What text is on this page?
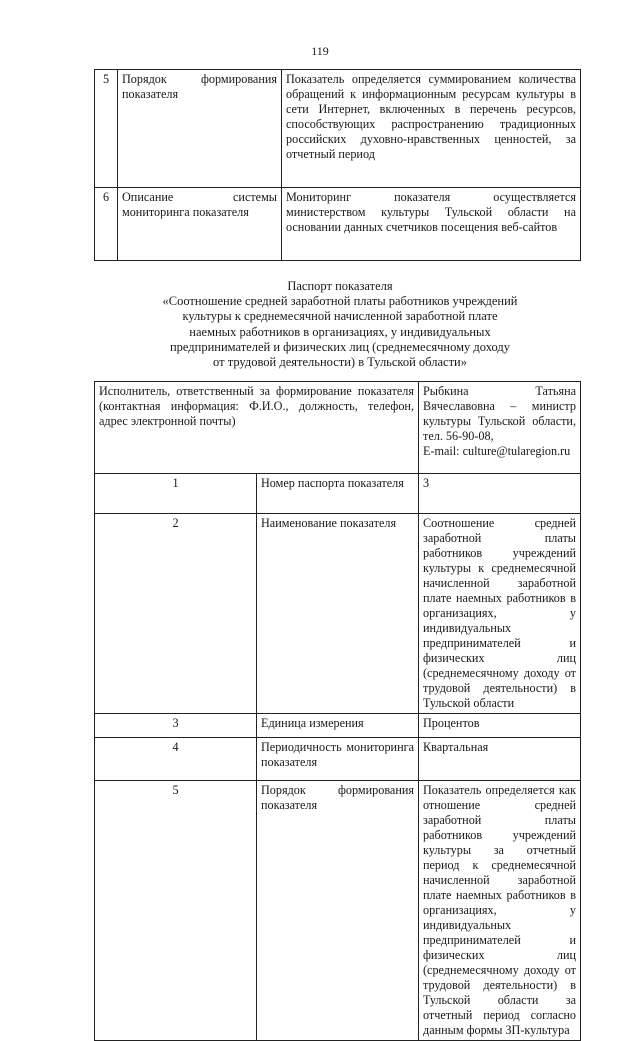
119
5	Порядок формирования показателя	Показатель определяется суммированием количества обращений к информационным ресурсам культуры в сети Интернет, включенных в перечень ресурсов, способствующих распространению традиционных российских духовно-нравственных ценностей, за отчетный период
6	Описание системы мониторинга показателя	Мониторинг показателя осуществляется министерством культуры Тульской области на основании данных счетчиков посещения веб-сайтов
Паспорт показателя
«Соотношение средней заработной платы работников учреждений
культуры к среднемесячной начисленной заработной плате
наемных работников в организациях, у индивидуальных
предпринимателей и физических лиц (среднемесячному доходу
от трудовой деятельности) в Тульской области»
Исполнитель, ответственный за формирование показателя (контактная информация: Ф.И.О., должность, телефон, адрес электронной почты)		Рыбкина Татьяна Вячеславовна – министр культуры Тульской области, тел. 56-90-08,
E-mail: culture@tularegion.ru
1	Номер паспорта показателя	3
2	Наименование показателя	Соотношение средней заработной платы работников учреждений культуры к среднемесячной начисленной заработной плате наемных работников в организациях, у индивидуальных предпринимателей и физических лиц (среднемесячному доходу от трудовой деятельности) в Тульской области
3	Единица измерения	Процентов
4	Периодичность мониторинга показателя	Квартальная
5	Порядок формирования показателя	Показатель определяется как отношение средней заработной платы работников учреждений культуры за отчетный период к среднемесячной начисленной заработной плате наемных работников в организациях, у индивидуальных предпринимателей и физических лиц (среднемесячному доходу от трудовой деятельности) в Тульской области за отчетный период согласно данным формы ЗП-культура
